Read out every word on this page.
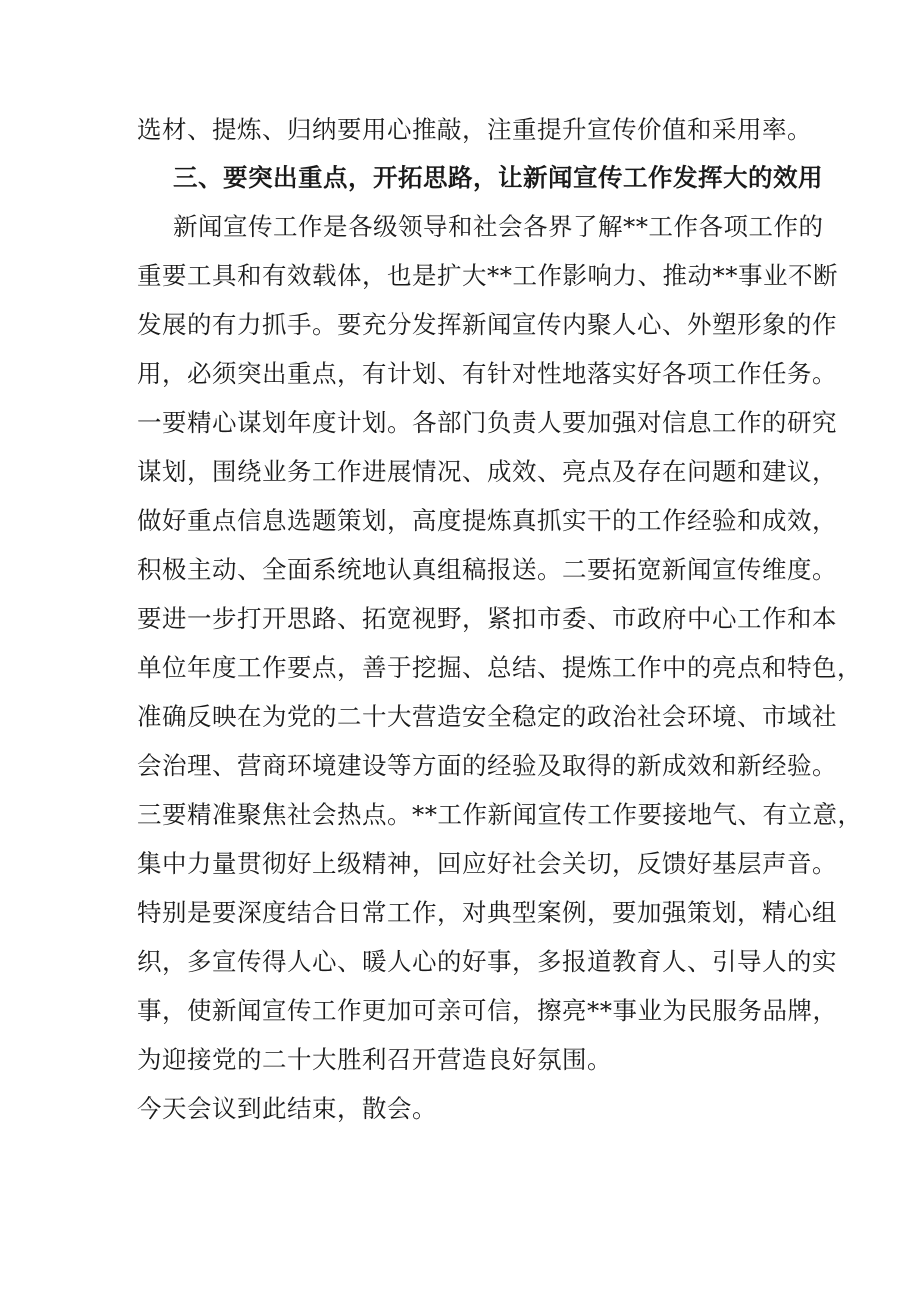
选材、提炼、归纳要用心推敲，注重提升宣传价值和采用率。
三、要突出重点，开拓思路，让新闻宣传工作发挥大的效用
新闻宣传工作是各级领导和社会各界了解**工作各项工作的
重要工具和有效载体，也是扩大**工作影响力、推动**事业不断
发展的有力抓手。要充分发挥新闻宣传内聚人心、外塑形象的作
用，必须突出重点，有计划、有针对性地落实好各项工作任务。
一要精心谋划年度计划。各部门负责人要加强对信息工作的研究
谋划，围绕业务工作进展情况、成效、亮点及存在问题和建议，
做好重点信息选题策划，高度提炼真抓实干的工作经验和成效，
积极主动、全面系统地认真组稿报送。二要拓宽新闻宣传维度。
要进一步打开思路、拓宽视野，紧扣市委、市政府中心工作和本
单位年度工作要点，善于挖掘、总结、提炼工作中的亮点和特色，
准确反映在为党的二十大营造安全稳定的政治社会环境、市域社
会治理、营商环境建设等方面的经验及取得的新成效和新经验。
三要精准聚焦社会热点。**工作新闻宣传工作要接地气、有立意，
集中力量贯彻好上级精神，回应好社会关切，反馈好基层声音。
特别是要深度结合日常工作，对典型案例，要加强策划，精心组
织，多宣传得人心、暖人心的好事，多报道教育人、引导人的实
事，使新闻宣传工作更加可亲可信，擦亮**事业为民服务品牌，
为迎接党的二十大胜利召开营造良好氛围。
今天会议到此结束，散会。
